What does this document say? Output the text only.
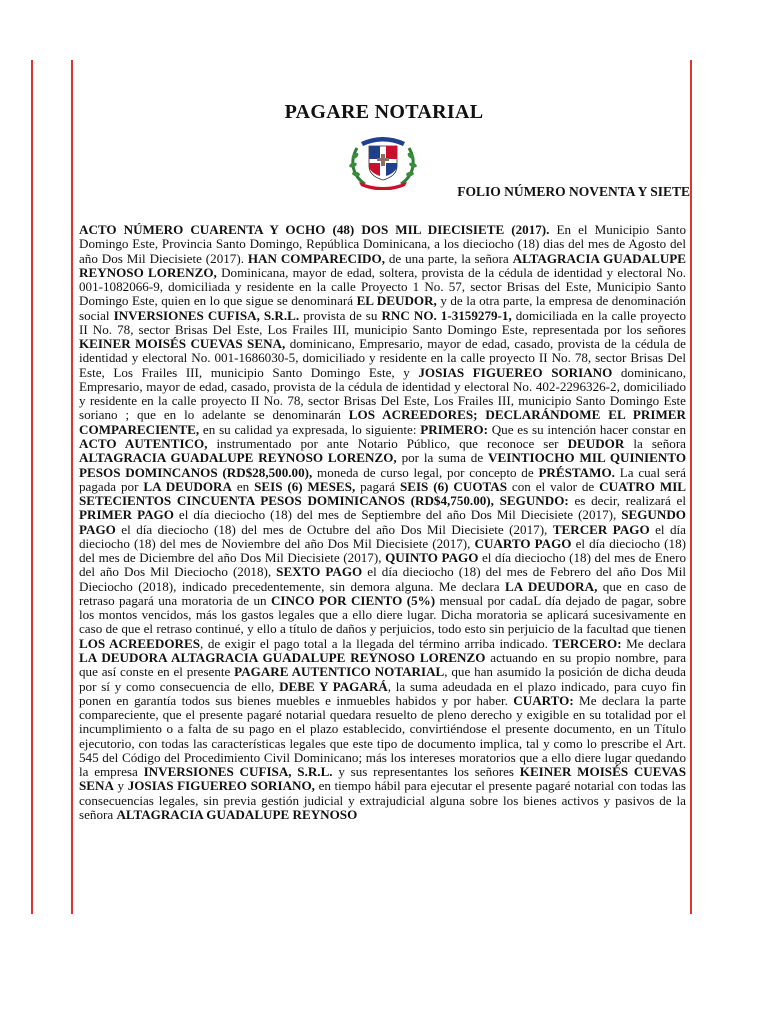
PAGARE NOTARIAL
FOLIO NÚMERO NOVENTA Y SIETE
ACTO NÚMERO CUARENTA Y OCHO (48) DOS MIL DIECISIETE (2017). En el Municipio Santo Domingo Este, Provincia Santo Domingo, República Dominicana, a los dieciocho (18) dias del mes de Agosto del año Dos Mil Diecisiete (2017). HAN COMPARECIDO, de una parte, la señora ALTAGRACIA GUADALUPE REYNOSO LORENZO, Dominicana, mayor de edad, soltera, provista de la cédula de identidad y electoral No. 001-1082066-9, domiciliada y residente en la calle Proyecto 1 No. 57, sector Brisas del Este, Municipio Santo Domingo Este, quien en lo que sigue se denominará EL DEUDOR, y de la otra parte, la empresa de denominación social INVERSIONES CUFISA, S.R.L. provista de su RNC NO. 1-3159279-1, domiciliada en la calle proyecto II No. 78, sector Brisas Del Este, Los Frailes III, municipio Santo Domingo Este, representada por los señores KEINER MOISÉS CUEVAS SENA, dominicano, Empresario, mayor de edad, casado, provista de la cédula de identidad y electoral No. 001-1686030-5, domiciliado y residente en la calle proyecto II No. 78, sector Brisas Del Este, Los Frailes III, municipio Santo Domingo Este, y JOSIAS FIGUEREO SORIANO dominicano, Empresario, mayor de edad, casado, provista de la cédula de identidad y electoral No. 402-2296326-2, domiciliado y residente en la calle proyecto II No. 78, sector Brisas Del Este, Los Frailes III, municipio Santo Domingo Este soriano ; que en lo adelante se denominarán LOS ACREEDORES; DECLARÁNDOME EL PRIMER COMPARECIENTE, en su calidad ya expresada, lo siguiente: PRIMERO: Que es su intención hacer constar en ACTO AUTENTICO, instrumentado por ante Notario Público, que reconoce ser DEUDOR la señora ALTAGRACIA GUADALUPE REYNOSO LORENZO, por la suma de VEINTIOCHO MIL QUINIENTO PESOS DOMINCANOS (RD$28,500.00), moneda de curso legal, por concepto de PRÉSTAMO. La cual será pagada por LA DEUDORA en SEIS (6) MESES, pagará SEIS (6) CUOTAS con el valor de CUATRO MIL SETECIENTOS CINCUENTA PESOS DOMINICANOS (RD$4,750.00), SEGUNDO: es decir, realizará el PRIMER PAGO el día dieciocho (18) del mes de Septiembre del año Dos Mil Diecisiete (2017), SEGUNDO PAGO el día dieciocho (18) del mes de Octubre del año Dos Mil Diecisiete (2017), TERCER PAGO el día dieciocho (18) del mes de Noviembre del año Dos Mil Diecisiete (2017), CUARTO PAGO el día dieciocho (18) del mes de Diciembre del año Dos Mil Diecisiete (2017), QUINTO PAGO el día dieciocho (18) del mes de Enero del año Dos Mil Dieciocho (2018), SEXTO PAGO el día dieciocho (18) del mes de Febrero del año Dos Mil Dieciocho (2018), indicado precedentemente, sin demora alguna. Me declara LA DEUDORA, que en caso de retraso pagará una moratoria de un CINCO POR CIENTO (5%) mensual por cadaL día dejado de pagar, sobre los montos vencidos, más los gastos legales que a ello diere lugar. Dicha moratoria se aplicará sucesivamente en caso de que el retraso continué, y ello a título de daños y perjuicios, todo esto sin perjuicio de la facultad que tienen LOS ACREEDORES, de exigir el pago total a la llegada del término arriba indicado. TERCERO: Me declara LA DEUDORA ALTAGRACIA GUADALUPE REYNOSO LORENZO actuando en su propio nombre, para que así conste en el presente PAGARE AUTENTICO NOTARIAL, que han asumido la posición de dicha deuda por sí y como consecuencia de ello, DEBE Y PAGARÁ, la suma adeudada en el plazo indicado, para cuyo fin ponen en garantía todos sus bienes muebles e inmuebles habidos y por haber. CUARTO: Me declara la parte compareciente, que el presente pagaré notarial quedara resuelto de pleno derecho y exigible en su totalidad por el incumplimiento o a falta de su pago en el plazo establecido, convirtiéndose el presente documento, en un Título ejecutorio, con todas las características legales que este tipo de documento implica, tal y como lo prescribe el Art. 545 del Código del Procedimiento Civil Dominicano; más los intereses moratorios que a ello diere lugar quedando la empresa INVERSIONES CUFISA, S.R.L. y sus representantes los señores KEINER MOISÉS CUEVAS SENA y JOSIAS FIGUEREO SORIANO, en tiempo hábil para ejecutar el presente pagaré notarial con todas las consecuencias legales, sin previa gestión judicial y extrajudicial alguna sobre los bienes activos y pasivos de la señora ALTAGRACIA GUADALUPE REYNOSO
